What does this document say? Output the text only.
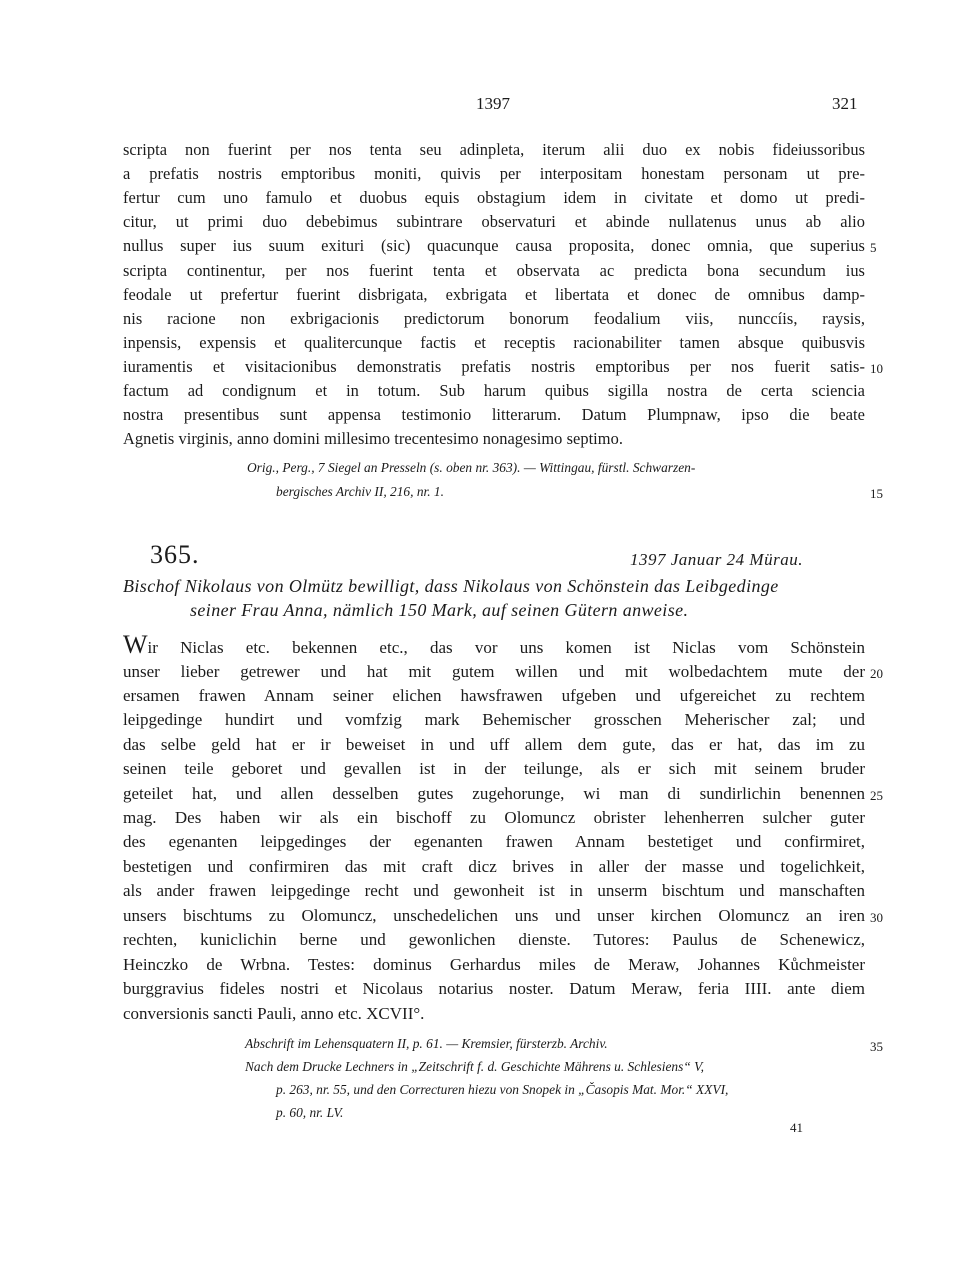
1397	321
scripta non fuerint per nos tenta seu adinpleta, iterum alii duo ex nobis fideiussoribus
a prefatis nostris emptoribus moniti, quivis per interpositam honestam personam ut pre-
fertur cum uno famulo et duobus equis obstagium idem in civitate et domo ut predi-
citur, ut primi duo debebimus subintrare observaturi et abinde nullatenus unus ab alio
nullus super ius suum exituri (sic) quacunque causa proposita, donec omnia, que superius
scripta continentur, per nos fuerint tenta et observata ac predicta bona secundum ius
feodale ut prefertur fuerint disbrigata, exbrigata et libertata et donec de omnibus damp-
nis racione non exbrigacionis predictorum bonorum feodalium viis, nunccíis, raysis,
inpensis, expensis et qualitercunque factis et receptis racionabiliter tamen absque quibusvis
iuramentis et visitacionibus demonstratis prefatis nostris emptoribus per nos fuerit satis-
factum ad condignum et in totum. Sub harum quibus sigilla nostra de certa sciencia
nostra presentibus sunt appensa testimonio litterarum. Datum Plumpnaw, ipso die beate
Agnetis virginis, anno domini millesimo trecentesimo nonagesimo septimo.
Orig., Perg., 7 Siegel an Presseln (s. oben nr. 363). — Wittingau, fürstl. Schwarzen-
bergisches Archiv II, 216, nr. 1.
365.	1397 Januar 24 Mürau.
Bischof Nikolaus von Olmütz bewilligt, dass Nikolaus von Schönstein das Leibgedinge
seiner Frau Anna, nämlich 150 Mark, auf seinen Gütern anweise.
Wir Niclas etc. bekennen etc., das vor uns komen ist Niclas vom Schönstein
unser lieber getrewer und hat mit gutem willen und mit wolbedachtem mute der
ersamen frawen Annam seiner elichen hawsfrawen ufgeben und ufgereichet zu rechtem
leipgedinge hundirt und vomfzig mark Behemischer grosschen Meherischer zal; und
das selbe geld hat er ir beweiset in und uff allem dem gute, das er hat, das im zu
seinen teile geboret und gevallen ist in der teilunge, als er sich mit seinem bruder
geteilet hat, und allen desselben gutes zugehorunge, wi man di sundirlichin benennen
mag. Des haben wir als ein bischoff zu Olomuncz obrister lehenherren sulcher guter
des egenanten leipgedinges der egenanten frawen Annam bestetiget und confirmiret,
bestetigen und confirmiren das mit craft dicz brives in aller der masse und togelichkeit,
als ander frawen leipgedinge recht und gewonheit ist in unserm bischtum und manschaften
unsers bischtums zu Olomuncz, unschedelichen uns und unser kirchen Olomuncz an iren
rechten, kuniclichin berne und gewonlichen dienste. Tutores: Paulus de Schenewicz,
Heinczko de Wrbna. Testes: dominus Gerhardus miles de Meraw, Johannes Kůchmeister
burggravius fideles nostri et Nicolaus notarius noster. Datum Meraw, feria IIII. ante diem
conversionis sancti Pauli, anno etc. XCVII°.
Abschrift im Lehensquatern II, p. 61. — Kremsier, fürsterzb. Archiv.
Nach dem Drucke Lechners in „Zeitschrift f. d. Geschichte Mährens u. Schlesiens“ V,
p. 263, nr. 55, und den Correcturen hiezu von Snopek in „Časopis Mat. Mor.“ XXVI,
p. 60, nr. LV.
5
10
15
20
25
30
35
41
